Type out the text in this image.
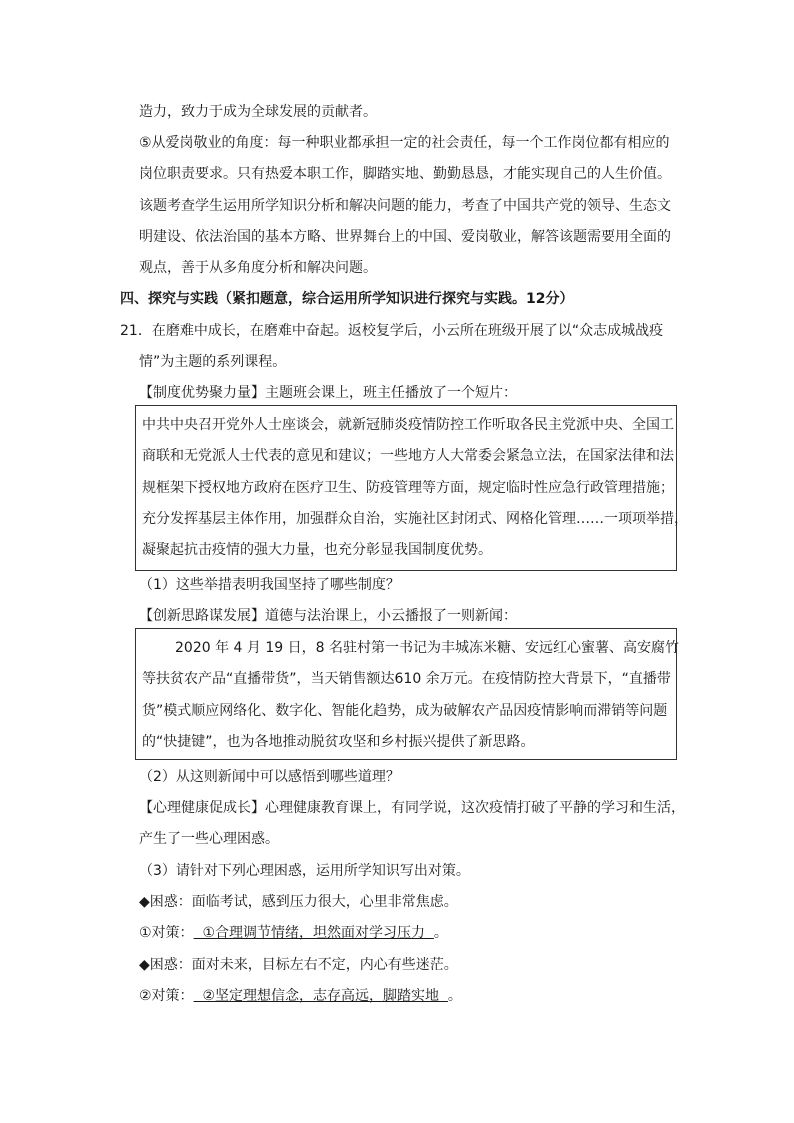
造力，致力于成为全球发展的贡献者。
⑤从爱岗敬业的角度：每一种职业都承担一定的社会责任，每一个工作岗位都有相应的
岗位职责要求。只有热爱本职工作，脚踏实地、勤勤恳恳，才能实现自己的人生价值。
该题考查学生运用所学知识分析和解决问题的能力，考查了中国共产党的领导、生态文
明建设、依法治国的基本方略、世界舞台上的中国、爱岗敬业，解答该题需要用全面的
观点，善于从多角度分析和解决问题。
四、探究与实践（紧扣题意，综合运用所学知识进行探究与实践。12分）
21．在磨难中成长，在磨难中奋起。返校复学后，小云所在班级开展了以“众志成城战疫
情”为主题的系列课程。
【制度优势聚力量】主题班会课上，班主任播放了一个短片：
中共中央召开党外人士座谈会，就新冠肺炎疫情防控工作听取各民主党派中央、全国工
商联和无党派人士代表的意见和建议；一些地方人大常委会紧急立法，在国家法律和法
规框架下授权地方政府在医疗卫生、防疫管理等方面，规定临时性应急行政管理措施；
充分发挥基层主体作用，加强群众自治，实施社区封闭式、网格化管理……一项项举措，
凝聚起抗击疫情的强大力量，也充分彰显我国制度优势。
（1）这些举措表明我国坚持了哪些制度？
【创新思路谋发展】道德与法治课上，小云播报了一则新闻：
2020 年 4 月 19 日，8 名驻村第一书记为丰城冻米糖、安远红心蜜薯、高安腐竹
等扶贫农产品“直播带货”，当天销售额达610 余万元。在疫情防控大背景下，“直播带
货”模式顺应网络化、数字化、智能化趋势，成为破解农产品因疫情影响而滞销等问题
的“快捷键”，也为各地推动脱贫攻坚和乡村振兴提供了新思路。
（2）从这则新闻中可以感悟到哪些道理？
【心理健康促成长】心理健康教育课上，有同学说，这次疫情打破了平静的学习和生活，
产生了一些心理困惑。
（3）请针对下列心理困惑，运用所学知识写出对策。
◆困惑：面临考试，感到压力很大，心里非常焦虑。
①对策：  ①合理调节情绪，坦然面对学习压力  。
◆困惑：面对未来，目标左右不定，内心有些迷茫。
②对策：  ②坚定理想信念，志存高远，脚踏实地  。
